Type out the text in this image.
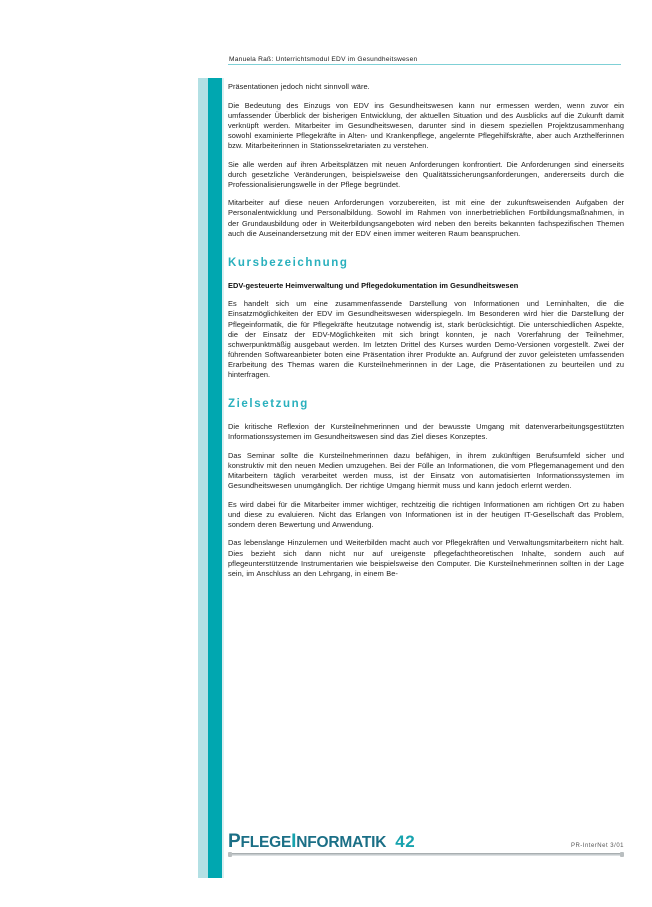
Manuela Raß: Unterrichtsmodul EDV im Gesundheitswesen

Präsentationen jedoch nicht sinnvoll wäre.

Die Bedeutung des Einzugs von EDV ins Gesundheitswesen kann nur ermessen werden, wenn zuvor ein umfassender Überblick der bisherigen Entwicklung, der aktuellen Situation und des Ausblicks auf die Zukunft damit verknüpft werden. Mitarbeiter im Gesundheitswesen, darunter sind in diesem speziellen Projektzusammenhang sowohl examinierte Pflegekräfte in Alten- und Krankenpflege, angelernte Pflegehilfskräfte, aber auch Arzthelferinnen bzw. Mitarbeiterinnen in Stationssekretariaten zu verstehen.

Sie alle werden auf ihren Arbeitsplätzen mit neuen Anforderungen konfrontiert. Die Anforderungen sind einerseits durch gesetzliche Veränderungen, beispielsweise den Qualitätssicherungsanforderungen, andererseits durch die Professionalisierungswelle in der Pflege begründet.

Mitarbeiter auf diese neuen Anforderungen vorzubereiten, ist mit eine der zukunftsweisenden Aufgaben der Personalentwicklung und Personalbildung. Sowohl im Rahmen von innerbetrieblichen Fortbildungsmaßnahmen, in der Grundausbildung oder in Weiterbildungsangeboten wird neben den bereits bekannten fachspezifischen Themen auch die Auseinandersetzung mit der EDV einen immer weiteren Raum beanspruchen.

Kursbezeichnung

EDV-gesteuerte Heimverwaltung und Pflegedokumentation im Gesundheitswesen

Es handelt sich um eine zusammenfassende Darstellung von Informationen und Lerninhalten, die die Einsatzmöglichkeiten der EDV im Gesundheitswesen widerspiegeln. Im Besonderen wird hier die Darstellung der Pflegeinformatik, die für Pflegekräfte heutzutage notwendig ist, stark berücksichtigt. Die unterschiedlichen Aspekte, die der Einsatz der EDV-Möglichkeiten mit sich bringt konnten, je nach Vorerfahrung der Teilnehmer, schwerpunktmäßig ausgebaut werden. Im letzten Drittel des Kurses wurden Demo-Versionen vorgestellt. Zwei der führenden Softwareanbieter boten eine Präsentation ihrer Produkte an. Aufgrund der zuvor geleisteten umfassenden Erarbeitung des Themas waren die Kursteilnehmerinnen in der Lage, die Präsentationen zu beurteilen und zu hinterfragen.

Zielsetzung

Die kritische Reflexion der Kursteilnehmerinnen und der bewusste Umgang mit datenverarbeitungsgestützten Informationssystemen im Gesundheitswesen sind das Ziel dieses Konzeptes.

Das Seminar sollte die Kursteilnehmerinnen dazu befähigen, in ihrem zukünftigen Berufsumfeld sicher und konstruktiv mit den neuen Medien umzugehen. Bei der Fülle an Informationen, die vom Pflegemanagement und den Mitarbeitern täglich verarbeitet werden muss, ist der Einsatz von automatisierten Informationssystemen im Gesundheitswesen unumgänglich. Der richtige Umgang hiermit muss und kann jedoch erlernt werden.

Es wird dabei für die Mitarbeiter immer wichtiger, rechtzeitig die richtigen Informationen am richtigen Ort zu haben und diese zu evaluieren. Nicht das Erlangen von Informationen ist in der heutigen IT-Gesellschaft das Problem, sondern deren Bewertung und Anwendung.

Das lebenslange Hinzulernen und Weiterbilden macht auch vor Pflegekräften und Verwaltungsmitarbeitern nicht halt. Dies bezieht sich dann nicht nur auf ureigenste pflegefachtheoretischen Inhalte, sondern auch auf pflegeunterstützende Instrumentarien wie beispielsweise den Computer. Die Kursteilnehmerinnen sollten in der Lage sein, im Anschluss an den Lehrgang, in einem Be-

PFLEGEINFORMATIK 42	PR-InterNet 3/01
